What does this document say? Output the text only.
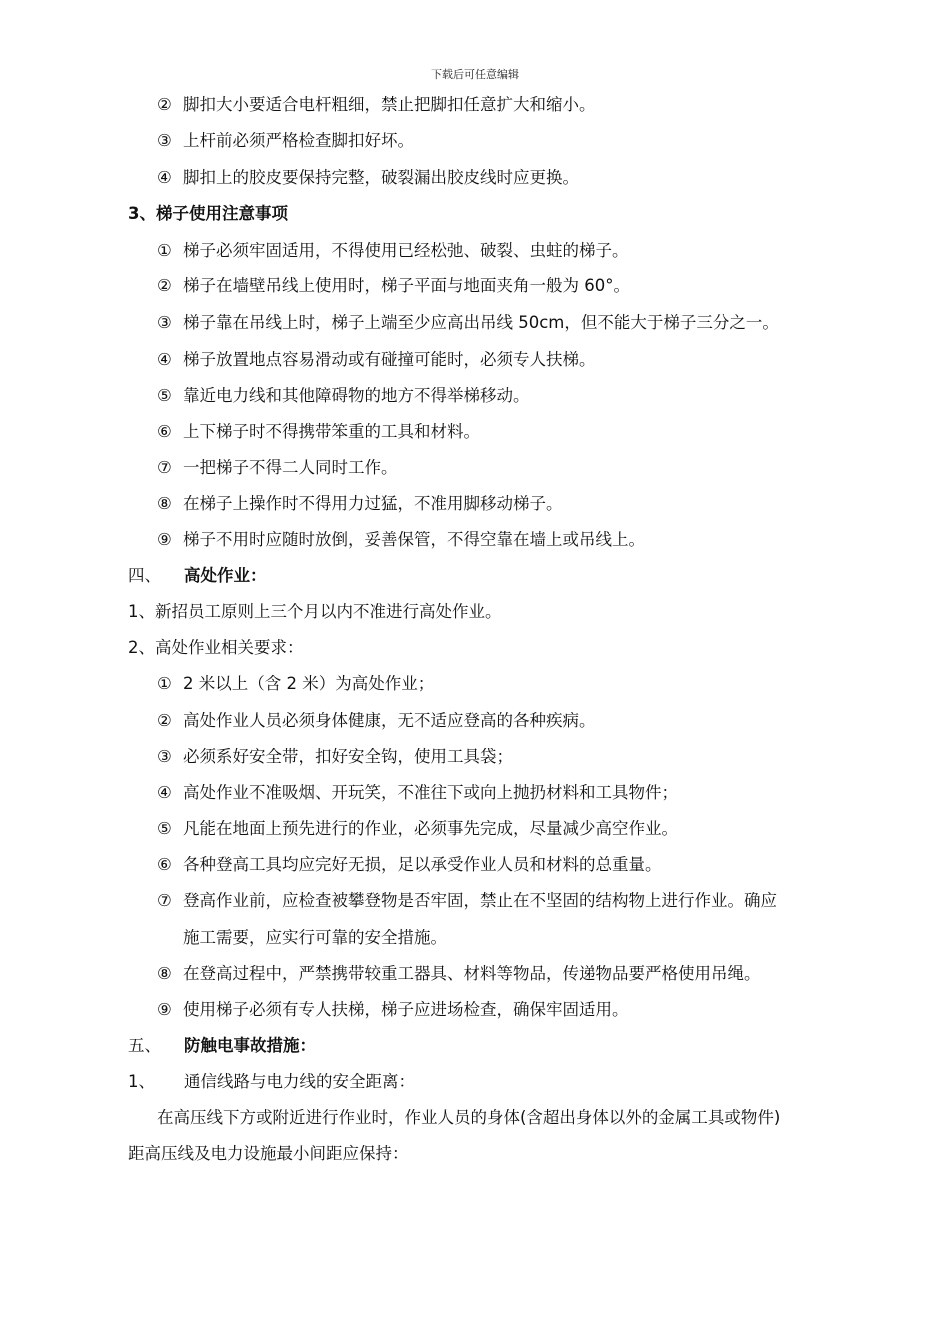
下载后可任意编辑
② 脚扣大小要适合电杆粗细，禁止把脚扣任意扩大和缩小。
③ 上杆前必须严格检查脚扣好坏。
④ 脚扣上的胶皮要保持完整，破裂漏出胶皮线时应更换。
3、梯子使用注意事项
① 梯子必须牢固适用，不得使用已经松弛、破裂、虫蛀的梯子。
② 梯子在墙壁吊线上使用时，梯子平面与地面夹角一般为 60°。
③ 梯子靠在吊线上时，梯子上端至少应高出吊线 50cm，但不能大于梯子三分之一。
④ 梯子放置地点容易滑动或有碰撞可能时，必须专人扶梯。
⑤ 靠近电力线和其他障碍物的地方不得举梯移动。
⑥ 上下梯子时不得携带笨重的工具和材料。
⑦ 一把梯子不得二人同时工作。
⑧ 在梯子上操作时不得用力过猛，不准用脚移动梯子。
⑨ 梯子不用时应随时放倒，妥善保管，不得空靠在墙上或吊线上。
四、 高处作业：
1、新招员工原则上三个月以内不准进行高处作业。
2、高处作业相关要求：
① 2 米以上（含 2 米）为高处作业；
② 高处作业人员必须身体健康，无不适应登高的各种疾病。
③ 必须系好安全带，扣好安全钩，使用工具袋；
④ 高处作业不准吸烟、开玩笑，不准往下或向上抛扔材料和工具物件；
⑤ 凡能在地面上预先进行的作业，必须事先完成，尽量减少高空作业。
⑥ 各种登高工具均应完好无损，足以承受作业人员和材料的总重量。
⑦ 登高作业前，应检查被攀登物是否牢固，禁止在不坚固的结构物上进行作业。确应
施工需要，应实行可靠的安全措施。
⑧ 在登高过程中，严禁携带较重工器具、材料等物品，传递物品要严格使用吊绳。
⑨ 使用梯子必须有专人扶梯，梯子应进场检查，确保牢固适用。
五、 防触电事故措施：
1、 通信线路与电力线的安全距离：
在高压线下方或附近进行作业时，作业人员的身体(含超出身体以外的金属工具或物件)
距高压线及电力设施最小间距应保持：
